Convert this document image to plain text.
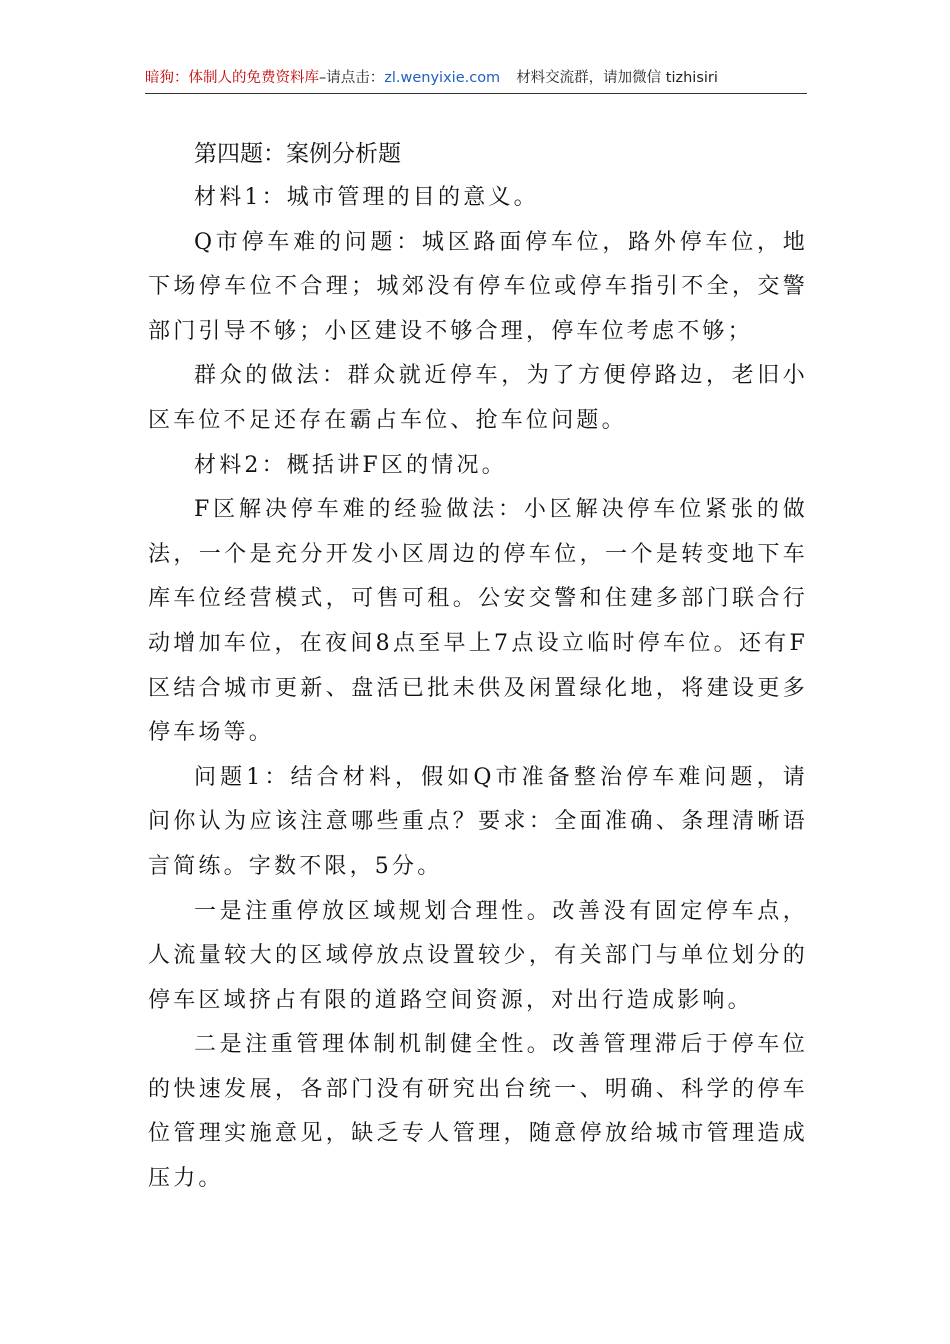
暗狗：体制人的免费资料库–请点击：zl.wenyixie.com 材料交流群，请加微信 tizhisiri
第四题：案例分析题

材料1：城市管理的目的意义。

Q市停车难的问题：城区路面停车位，路外停车位，地下场停车位不合理；城郊没有停车位或停车指引不全，交警部门引导不够；小区建设不够合理，停车位考虑不够；

群众的做法：群众就近停车，为了方便停路边，老旧小区车位不足还存在霸占车位、抢车位问题。

材料2：概括讲F区的情况。

F区解决停车难的经验做法：小区解决停车位紧张的做法，一个是充分开发小区周边的停车位，一个是转变地下车库车位经营模式，可售可租。公安交警和住建多部门联合行动增加车位，在夜间8点至早上7点设立临时停车位。还有F区结合城市更新、盘活已批未供及闲置绿化地，将建设更多停车场等。

问题1：结合材料，假如Q市准备整治停车难问题，请问你认为应该注意哪些重点？要求：全面准确、条理清晰语言简练。字数不限，5分。

一是注重停放区域规划合理性。改善没有固定停车点，人流量较大的区域停放点设置较少，有关部门与单位划分的停车区域挤占有限的道路空间资源，对出行造成影响。

二是注重管理体制机制健全性。改善管理滞后于停车位的快速发展，各部门没有研究出台统一、明确、科学的停车位管理实施意见，缺乏专人管理，随意停放给城市管理造成压力。
